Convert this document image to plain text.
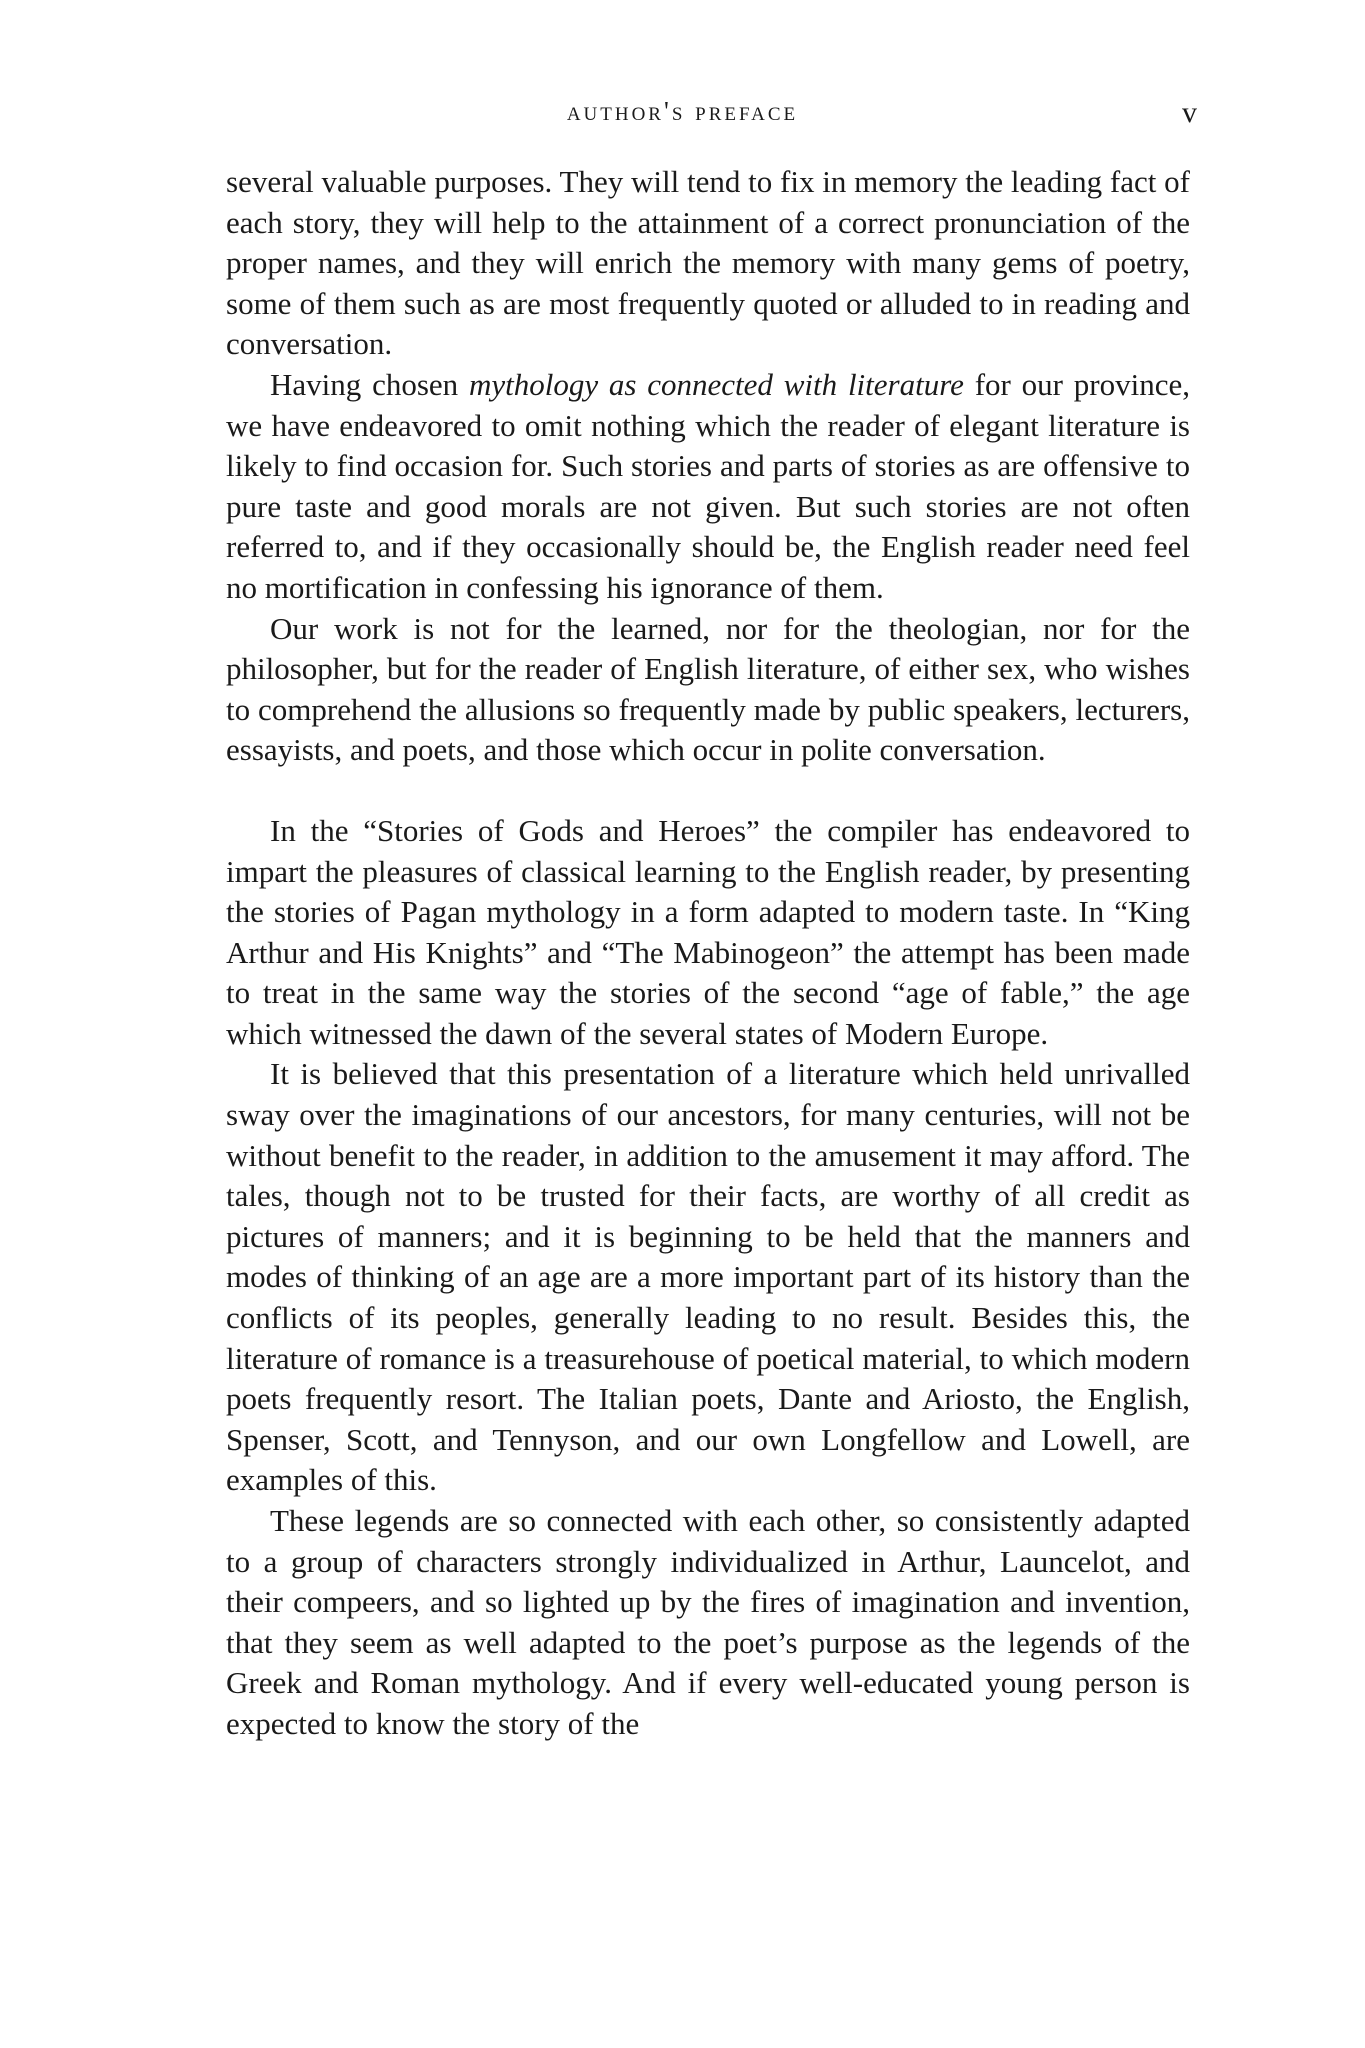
author's preface	v

several valuable purposes. They will tend to fix in memory the leading fact of each story, they will help to the attainment of a correct pronunciation of the proper names, and they will enrich the memory with many gems of poetry, some of them such as are most frequently quoted or alluded to in reading and conversation.

Having chosen mythology as connected with literature for our province, we have endeavored to omit nothing which the reader of elegant literature is likely to find occasion for. Such stories and parts of stories as are offensive to pure taste and good morals are not given. But such stories are not often referred to, and if they occasionally should be, the English reader need feel no mortification in confessing his ignorance of them.

Our work is not for the learned, nor for the theologian, nor for the philosopher, but for the reader of English literature, of either sex, who wishes to comprehend the allusions so frequently made by public speakers, lecturers, essayists, and poets, and those which occur in polite conversation.

In the “Stories of Gods and Heroes” the compiler has endeavored to impart the pleasures of classical learning to the English reader, by presenting the stories of Pagan mythology in a form adapted to modern taste. In “King Arthur and His Knights” and “The Mabinogeon” the attempt has been made to treat in the same way the stories of the second “age of fable,” the age which witnessed the dawn of the several states of Modern Europe.

It is believed that this presentation of a literature which held unrivalled sway over the imaginations of our ancestors, for many centuries, will not be without benefit to the reader, in addition to the amusement it may afford. The tales, though not to be trusted for their facts, are worthy of all credit as pictures of manners; and it is beginning to be held that the manners and modes of thinking of an age are a more important part of its history than the conflicts of its peoples, generally leading to no result. Besides this, the literature of romance is a treasurehouse of poetical material, to which modern poets frequently resort. The Italian poets, Dante and Ariosto, the English, Spenser, Scott, and Tennyson, and our own Longfellow and Lowell, are examples of this.

These legends are so connected with each other, so consistently adapted to a group of characters strongly individualized in Arthur, Launcelot, and their compeers, and so lighted up by the fires of imagination and invention, that they seem as well adapted to the poet’s purpose as the legends of the Greek and Roman mythology. And if every well-educated young person is expected to know the story of the
